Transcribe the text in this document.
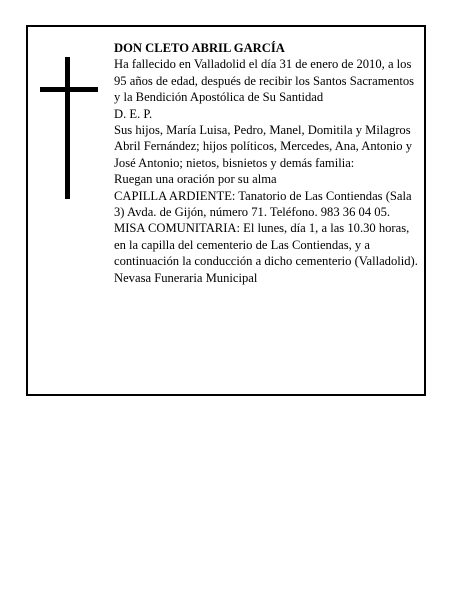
DON CLETO ABRIL GARCÍA

Ha fallecido en Valladolid el día 31 de enero de 2010, a los 95 años de edad, después de recibir los Santos Sacramentos y la Bendición Apostólica de Su Santidad

D. E. P.

Sus hijos, María Luisa, Pedro, Manel, Domitila y Milagros Abril Fernández; hijos políticos, Mercedes, Ana, Antonio y José Antonio; nietos, bisnietos y demás familia:

Ruegan una oración por su alma

CAPILLA ARDIENTE: Tanatorio de Las Contiendas (Sala 3) Avda. de Gijón, número 71. Teléfono. 983 36 04 05.

MISA COMUNITARIA: El lunes, día 1, a las 10.30 horas, en la capilla del cementerio de Las Contiendas, y a continuación la conducción a dicho cementerio (Valladolid).

Nevasa Funeraria Municipal
